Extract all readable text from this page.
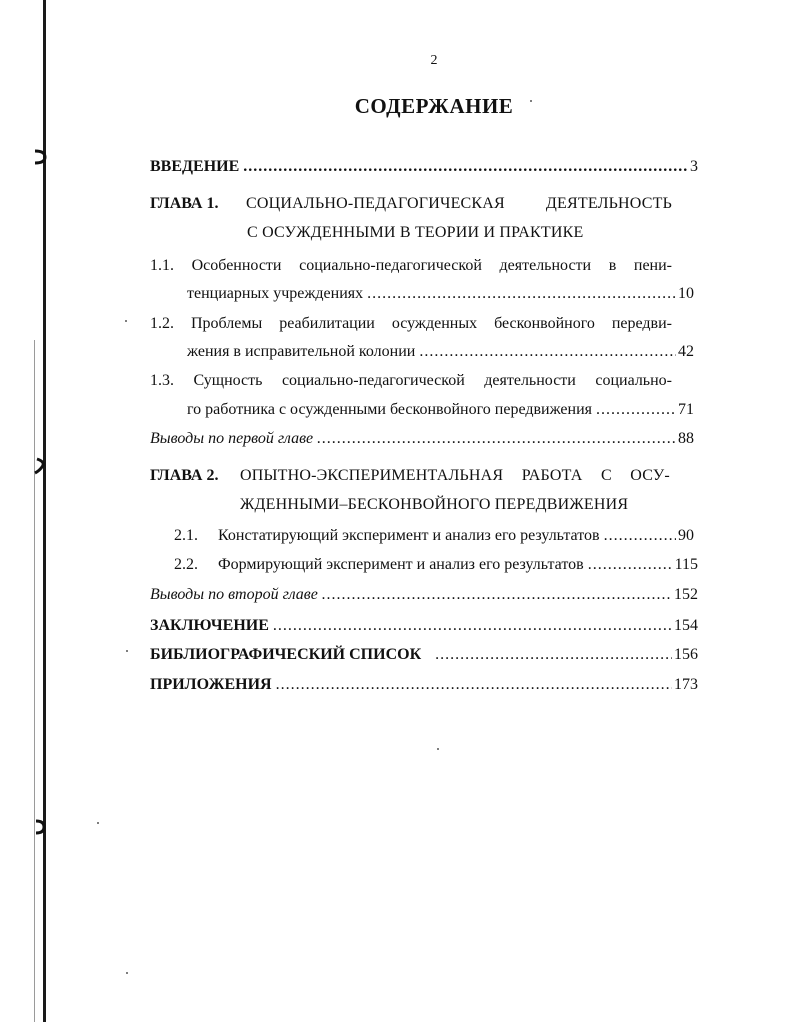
2
СОДЕРЖАНИЕ
ВВЕДЕНИЕ .....	3
ГЛАВА 1.	СОЦИАЛЬНО-ПЕДАГОГИЧЕСКАЯ	ДЕЯТЕЛЬНОСТЬ
С ОСУЖДЕННЫМИ В ТЕОРИИ И ПРАКТИКЕ
1.1. Особенности социально-педагогической деятельности в пени-
тенциарных учреждениях .....	10
1.2. Проблемы реабилитации осужденных бесконвойного передви-
жения в исправительной колонии .....	42
1.3. Сущность социально-педагогической деятельности социально-
го работника с осужденными бесконвойного передвижения .....	71
Выводы по первой главе .....	88
ГЛАВА 2.	ОПЫТНО-ЭКСПЕРИМЕНТАЛЬНАЯ РАБОТА С ОСУ-
ЖДЕННЫМИ–БЕСКОНВОЙНОГО ПЕРЕДВИЖЕНИЯ
2.1.	Констатирующий эксперимент и анализ его результатов .....	90
2.2.	Формирующий эксперимент и анализ его результатов .....	115
Выводы по второй главе .....	152
ЗАКЛЮЧЕНИЕ .....	154
БИБЛИОГРАФИЧЕСКИЙ СПИСОК .....	156
ПРИЛОЖЕНИЯ .....	173
